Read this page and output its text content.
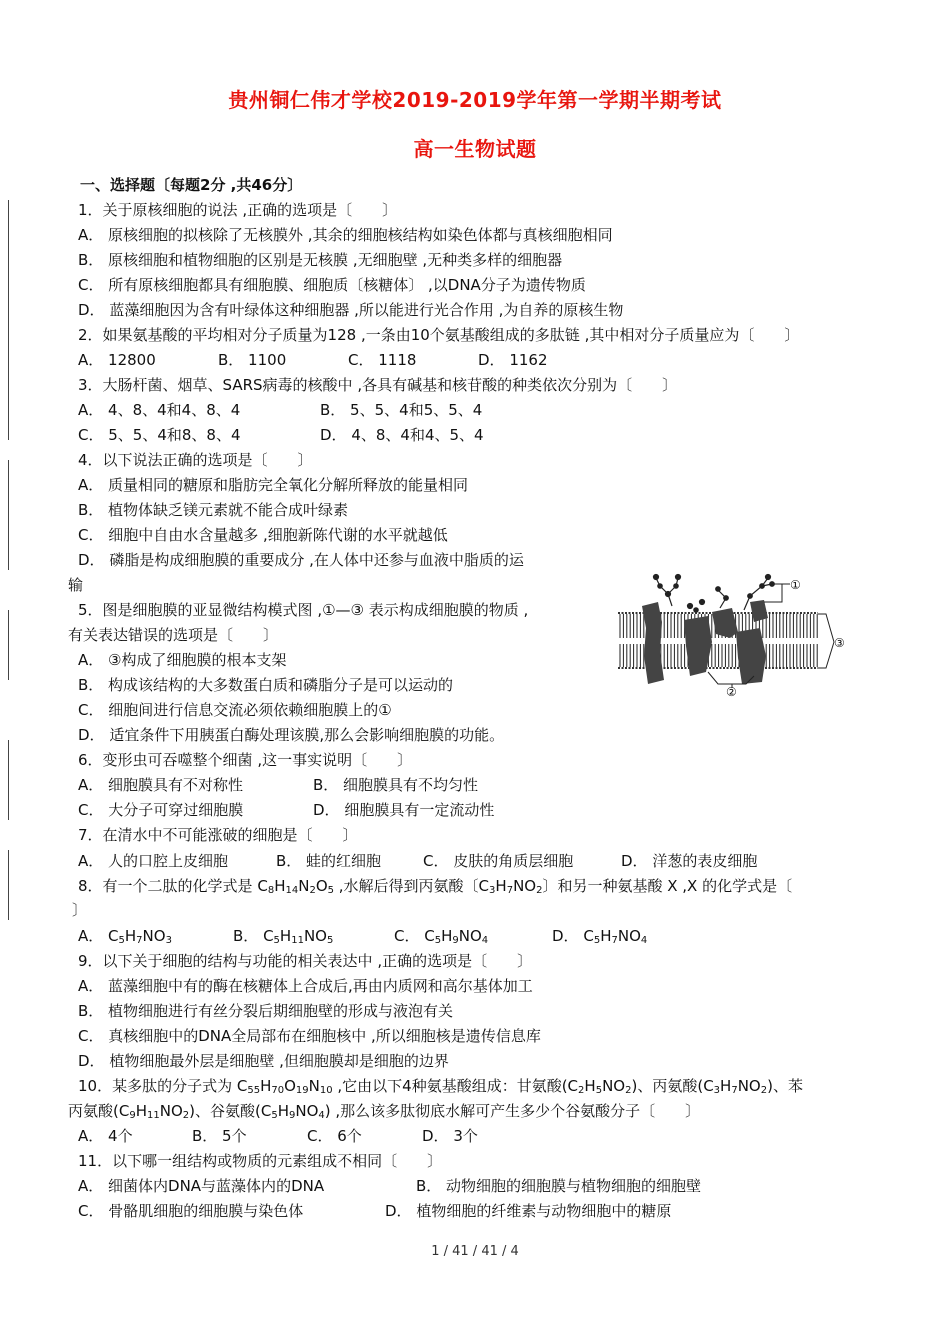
贵州铜仁伟才学校2019-2019学年第一学期半期考试
高一生物试题
一、选择题〔每题2分 ,共46分〕
1．关于原核细胞的说法 ,正确的选项是〔　　〕
A． 原核细胞的拟核除了无核膜外 ,其余的细胞核结构如染色体都与真核细胞相同
B． 原核细胞和植物细胞的区别是无核膜 ,无细胞壁 ,无种类多样的细胞器
C． 所有原核细胞都具有细胞膜、细胞质〔核糖体〕 ,以DNA分子为遗传物质
D． 蓝藻细胞因为含有叶绿体这种细胞器 ,所以能进行光合作用 ,为自养的原核生物
2．如果氨基酸的平均相对分子质量为128 ,一条由10个氨基酸组成的多肽链 ,其中相对分子质量应为〔　　〕
A． 12800	B． 1100	C． 1118	D． 1162
3．大肠杆菌、烟草、SARS病毒的核酸中 ,各具有碱基和核苷酸的种类依次分别为〔　　〕
A． 4、8、4和4、8、4	B． 5、5、4和5、5、4
C． 5、5、4和8、8、4	D． 4、8、4和4、5、4
4．以下说法正确的选项是〔　　〕
A． 质量相同的糖原和脂肪完全氧化分解所释放的能量相同
B． 植物体缺乏镁元素就不能合成叶绿素
C． 细胞中自由水含量越多 ,细胞新陈代谢的水平就越低
D． 磷脂是构成细胞膜的重要成分 ,在人体中还参与血液中脂质的运
输
5．图是细胞膜的亚显微结构模式图 ,①—③ 表示构成细胞膜的物质 ,
有关表达错误的选项是〔　　〕
A． ③构成了细胞膜的根本支架
B． 构成该结构的大多数蛋白质和磷脂分子是可以运动的
C． 细胞间进行信息交流必须依赖细胞膜上的①
D． 适宜条件下用胰蛋白酶处理该膜,那么会影响细胞膜的功能。
①
③
②
6．变形虫可吞噬整个细菌 ,这一事实说明〔　　〕
A． 细胞膜具有不对称性	B． 细胞膜具有不均匀性
C． 大分子可穿过细胞膜	D． 细胞膜具有一定流动性
7．在清水中不可能涨破的细胞是〔　　〕
A． 人的口腔上皮细胞	B． 蛙的红细胞	C． 皮肤的角质层细胞	D． 洋葱的表皮细胞
8．有一个二肽的化学式是 $C_8H_{14}N_2O_5$ ,水解后得到丙氨酸〔$C_3H_7NO_2$〕和另一种氨基酸 X ,X 的化学式是〔
〕
A． $C_5H_7NO_3$	B． $C_5H_{11}NO_5$	C． $C_5H_9NO_4$	D． $C_5H_7NO_4$
9．以下关于细胞的结构与功能的相关表达中 ,正确的选项是〔　　〕
A． 蓝藻细胞中有的酶在核糖体上合成后,再由内质网和高尔基体加工
B． 植物细胞进行有丝分裂后期细胞壁的形成与液泡有关
C． 真核细胞中的DNA全局部布在细胞核中 ,所以细胞核是遗传信息库
D． 植物细胞最外层是细胞壁 ,但细胞膜却是细胞的边界
10．某多肽的分子式为 $C_{55}H_{70}O_{19}N_{10}$ ,它由以下4种氨基酸组成：甘氨酸$(C_2H_5NO_2)$、丙氨酸$(C_3H_7NO_2)$、苯
丙氨酸$(C_9H_{11}NO_2)$、谷氨酸$(C_5H_9NO_4)$ ,那么该多肽彻底水解可产生多少个谷氨酸分子〔　　〕
A． 4个	B． 5个	C． 6个	D． 3个
11．以下哪一组结构或物质的元素组成不相同〔　　〕
A． 细菌体内DNA与蓝藻体内的DNA	B． 动物细胞的细胞膜与植物细胞的细胞壁
C． 骨骼肌细胞的细胞膜与染色体	D． 植物细胞的纤维素与动物细胞中的糖原
1 / 41 / 41 / 4
